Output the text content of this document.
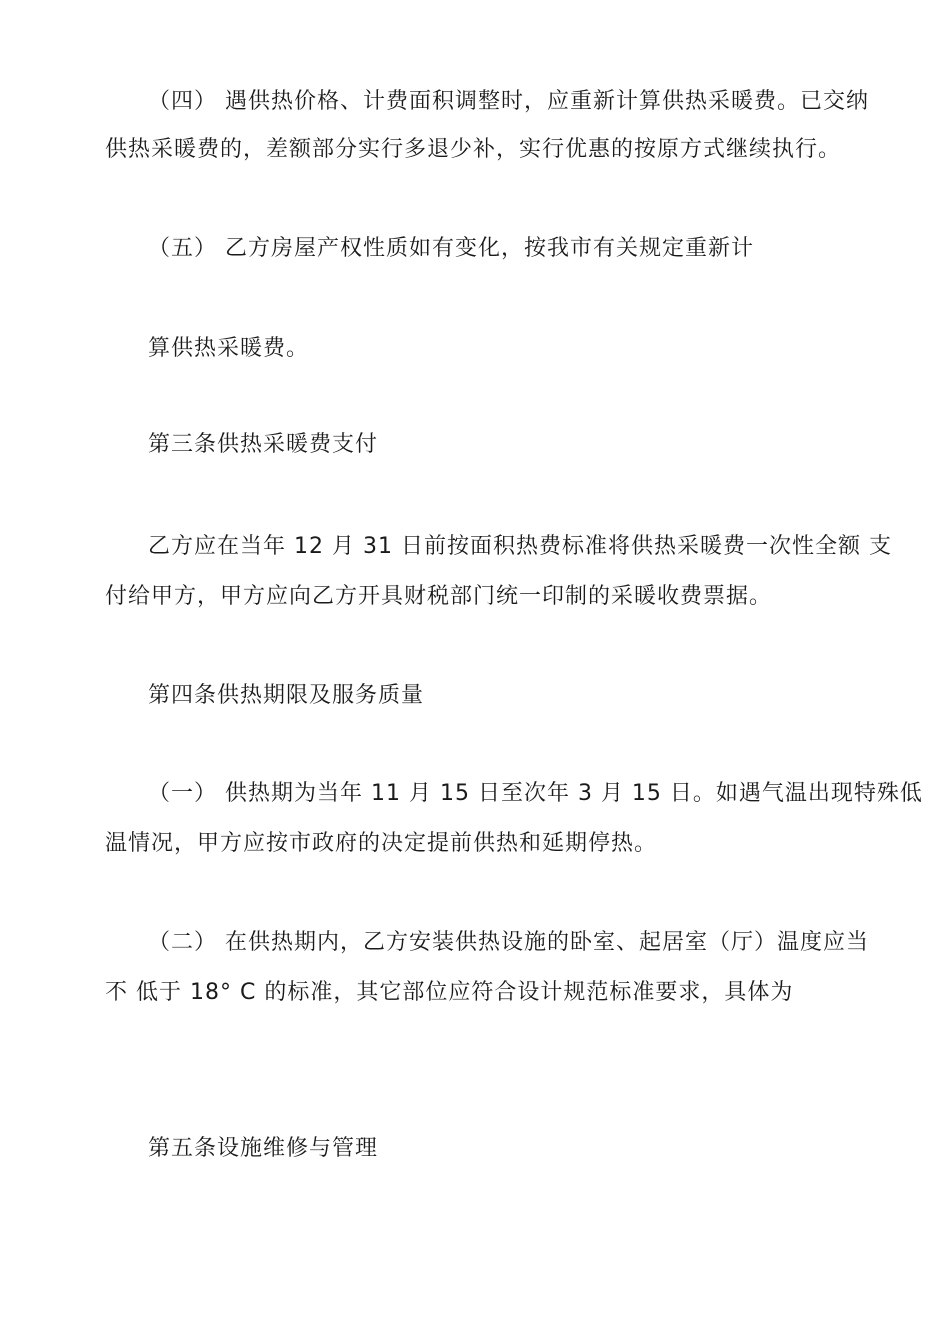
（四） 遇供热价格、计费面积调整时，应重新计算供热采暖费。已交纳
供热采暖费的，差额部分实行多退少补，实行优惠的按原方式继续执行。
（五） 乙方房屋产权性质如有变化，按我市有关规定重新计
算供热采暖费。
第三条供热采暖费支付
乙方应在当年 12 月 31 日前按面积热费标准将供热采暖费一次性全额 支
付给甲方，甲方应向乙方开具财税部门统一印制的采暖收费票据。
第四条供热期限及服务质量
（一） 供热期为当年 11 月 15 日至次年 3 月 15 日。如遇气温出现特殊低
温情况，甲方应按市政府的决定提前供热和延期停热。
（二） 在供热期内，乙方安装供热设施的卧室、起居室（厅）温度应当
不 低于 18° C 的标准，其它部位应符合设计规范标准要求，具体为
第五条设施维修与管理
